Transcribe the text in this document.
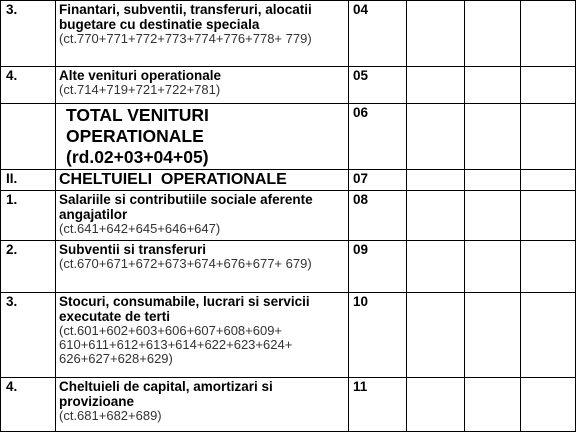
3.	Finantari, subventii, transferuri, alocatii bugetare cu destinatie speciala
(ct.770+771+772+773+774+776+778+ 779)	04			
4.	Alte venituri operationale
(ct.714+719+721+722+781)	05			

	TOTAL VENITURI OPERATIONALE (rd.02+03+04+05)	06			
II.	CHELTUIELI  OPERATIONALE	07			
1.	Salariile si contributiile sociale aferente angajatilor
(ct.641+642+645+646+647)	08			
2.	Subventii si transferuri
(ct.670+671+672+673+674+676+677+ 679)	09			
3.	Stocuri, consumabile, lucrari si servicii executate de terti
(ct.601+602+603+606+607+608+609+ 610+611+612+613+614+622+623+624+ 626+627+628+629)	10			
4.	Cheltuieli de capital, amortizari si provizioane
(ct.681+682+689)	11			
